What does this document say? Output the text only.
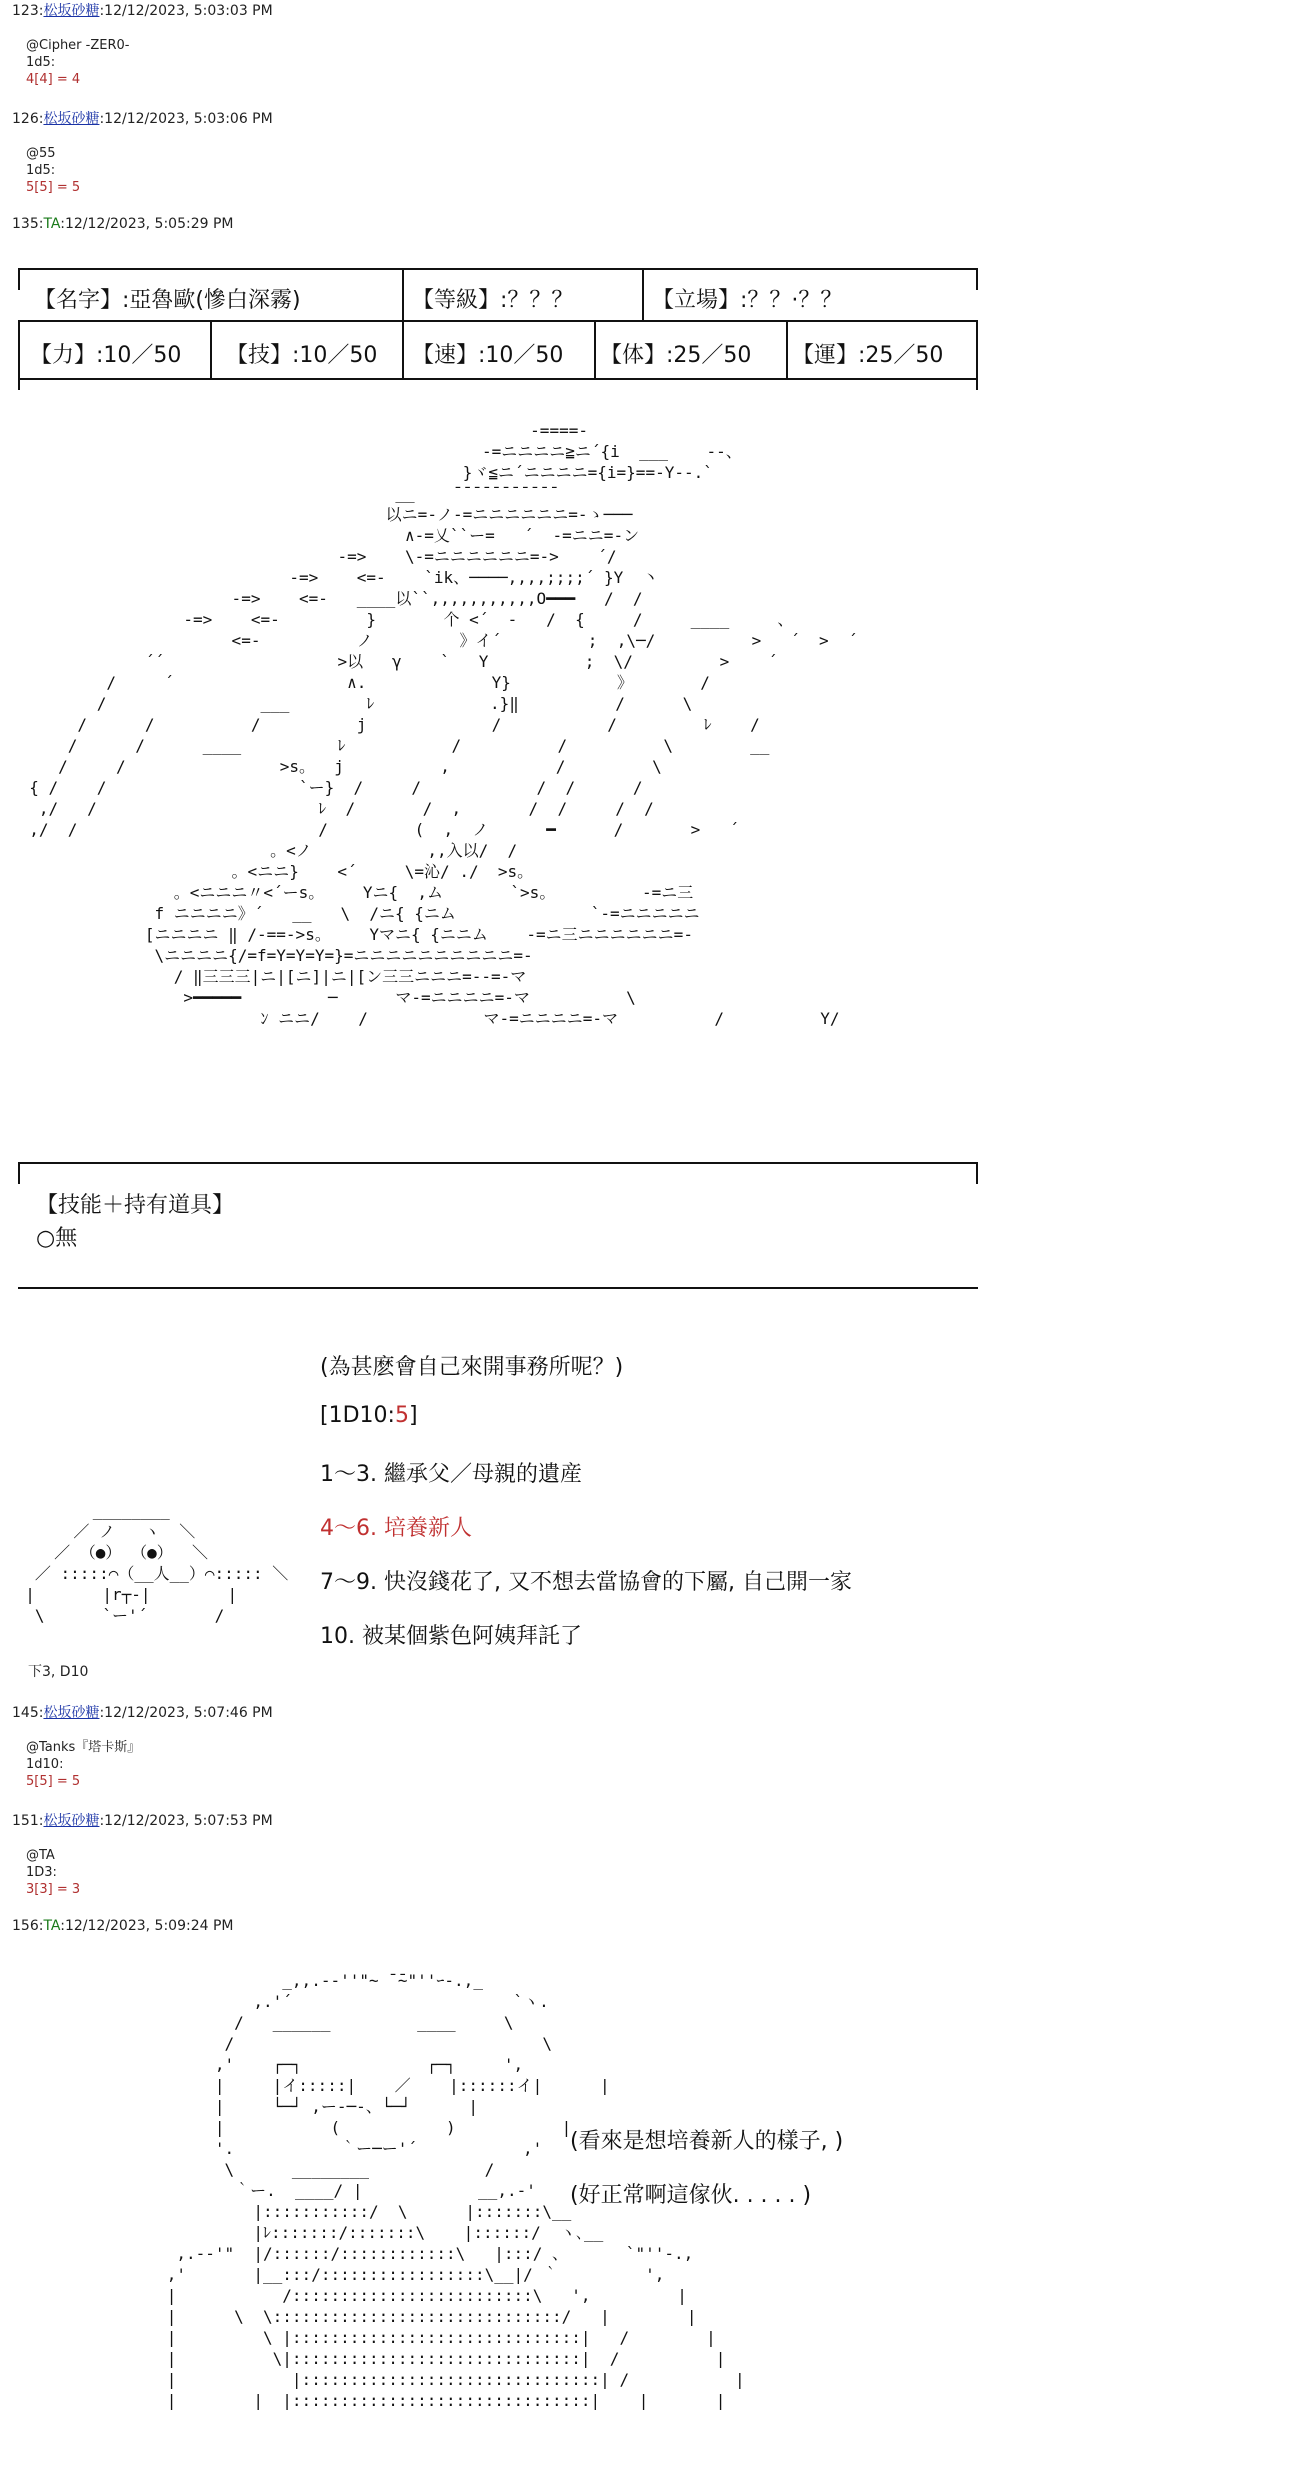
123:松坂砂糖:12/12/2023, 5:03:03 PM
@Cipher -ZER0-
1d5:
4[4] = 4
126:松坂砂糖:12/12/2023, 5:03:06 PM
@55
1d5:
5[5] = 5
135:TA:12/12/2023, 5:05:29 PM
【名字】:亞魯歐(慘白深霧)	【等級】:？？？	【立場】:？？·？？
【力】:10／50 【技】:10／50 【速】:10／50 【体】:25／50 【運】:25／50
-====-
-=ニニニニ≧ニ´{i  ___    --、
}ヾ≦ニ´ニニニニ={i=}==-Y--.`
__    ̄ ̄ ̄ ̄ ̄ ̄ ̄ ̄ ̄ ̄ ̄
以ニ=-ノ-=ニニニニニニ=-ゝ───
∧-=乂``ー=   ´  -=ニニ=-ン
-=>    \-=ニニニニニニ=->    ´/
-=>    <=-    `ik、────,,,,;;;;´ }Y  丶
-=>    <=-   ____以``,,,,,,,,,,,O━━━   /  /
-=>    <=-         }       个 <´  -   /  {     /     ____     、
<=-          ノ         》イ´         ;  ,\─/          >   ´  >  ´
´´                  >以   γ    `   Y          ;  \/         >    ´
/     ´                  ∧.             Y}           》       /
/                ___        ﾚ            .}‖          /      \
/      /          /          j             /           /         ﾚ    /
/      /      ____          ﾚ           /          /          \        __
/     /                >s。  j          ,           /         \
{ /    /                    `ー}  /     /            /  /      /
,/   /                       ﾚ  /       /  ,       /  /     /  /
,/  /                         /         (  ,  ノ      ━      /       >   ´
。<ノ            ,,入以/  /
。<ニニ}    <´     \=沁/ ./  >s。
。<ニニニ〃<´ーs。    Yニ{  ,ム       `>s。         -=ニ三
f ニニニニ》´   __   \  /ニ{ {ニム              `-=ニニニニニ
[ニニニニ ‖ /-==->s。    Yマニ{ {ニニム    -=ニ三ニニニニニニ=-
\ニニニニ{/=f=Y=Y=Y=}=ニニニニニニニニニニ=-
/ ‖三三三|ニ|[ニ]|ニ|[ン三三ニニニ=--=-マ
>━━━━━         ─      マ-=ニニニニ=-マ          \
ﾝ ニニ/    /            マ-=ニニニニ=-マ          /          Y/
【技能＋持有道具】
○無
(為甚麽會自己來開事務所呢？)
[1D10:5]
1～3. 繼承父／母親的遺産
4～6. 培養新人
7～9. 快沒錢花了, 又不想去當協會的下屬, 自己開一家
10. 被某個紫色阿姨拜託了
________
／ ノ   ヽ  ＼
／ （●） （●）  ＼
／ :::::⌒（__人__）⌒::::: ＼
|       |r┬-|        |
\      `ー'´       /
下3, D10
145:松坂砂糖:12/12/2023, 5:07:46 PM
@Tanks『塔卡斯』
1d10:
5[5] = 5
151:松坂砂糖:12/12/2023, 5:07:53 PM
@TA
1D3:
3[3] = 3
156:TA:12/12/2023, 5:09:24 PM
_,,.-‐''"~ ̄ ̄~"''ｰ-.,_
,.'´                       `ヽ.
/   ______         ____     \
/                                \
,'    ┌─┐             ┌─┐     ',
|     |イ:::::|    ／    |::::::イ|      |
|     └─┘ ,ー-─-、└─┘      |
|           (           )           |
'.           ｀ー─ー'´           ,'
\      ________            /
｀ー.  ____/ |            __,.-'
|:::::::::::/  \      |:::::::\__
|ﾚ:::::::/:::::::\    |::::::/  ヽ､__
,.-‐'"  |/::::::/::::::::::::\   |:::/ 、      `"''-.,
,'       |__:::/:::::::::::::::::\__|/ ｀         ',
|           /:::::::::::::::::::::::::\   ',         |
|      \  \::::::::::::::::::::::::::::::/   |        |
|         \ |::::::::::::::::::::::::::::::|   /        |
|          \|::::::::::::::::::::::::::::::|  /          |
|            |:::::::::::::::::::::::::::::::| /           |
|        |  |:::::::::::::::::::::::::::::::|    |       |
(看來是想培養新人的樣子, )
(好正常啊這傢伙. . . . . )
